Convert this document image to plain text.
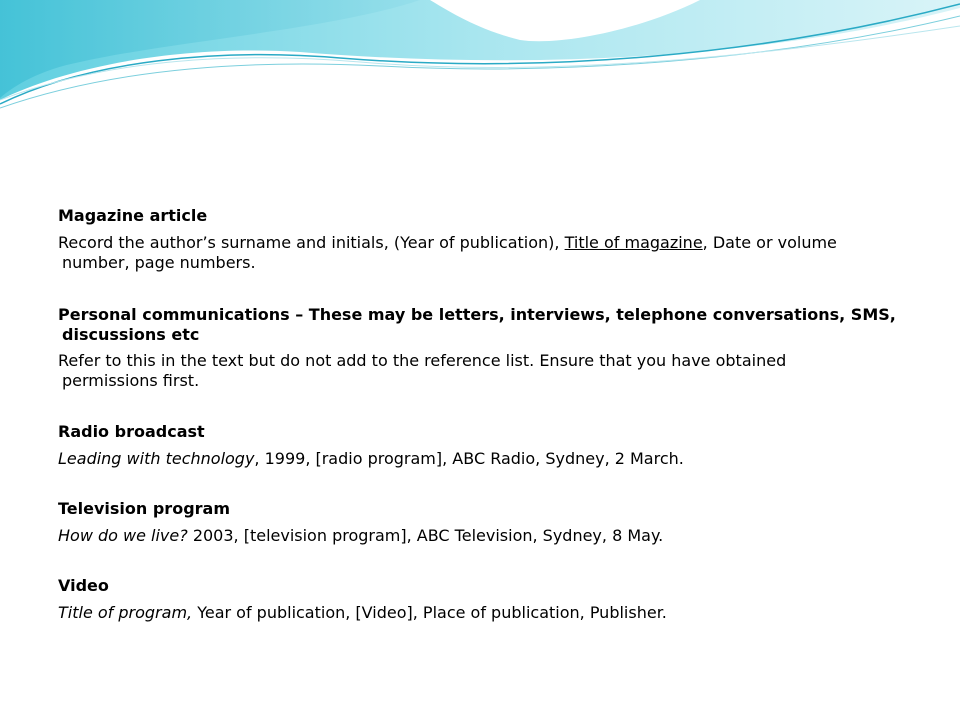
Magazine article
Record the author’s surname and initials, (Year of publication), Title of magazine, Date or volume
number, page numbers.
Personal communications – These may be letters, interviews, telephone conversations, SMS,
discussions etc
Refer to this in the text but do not add to the reference list. Ensure that you have obtained
permissions first.
Radio broadcast
Leading with technology, 1999, [radio program], ABC Radio, Sydney, 2 March.
Television program
How do we live? 2003, [television program], ABC Television, Sydney, 8 May.
Video
Title of program, Year of publication, [Video], Place of publication, Publisher.
